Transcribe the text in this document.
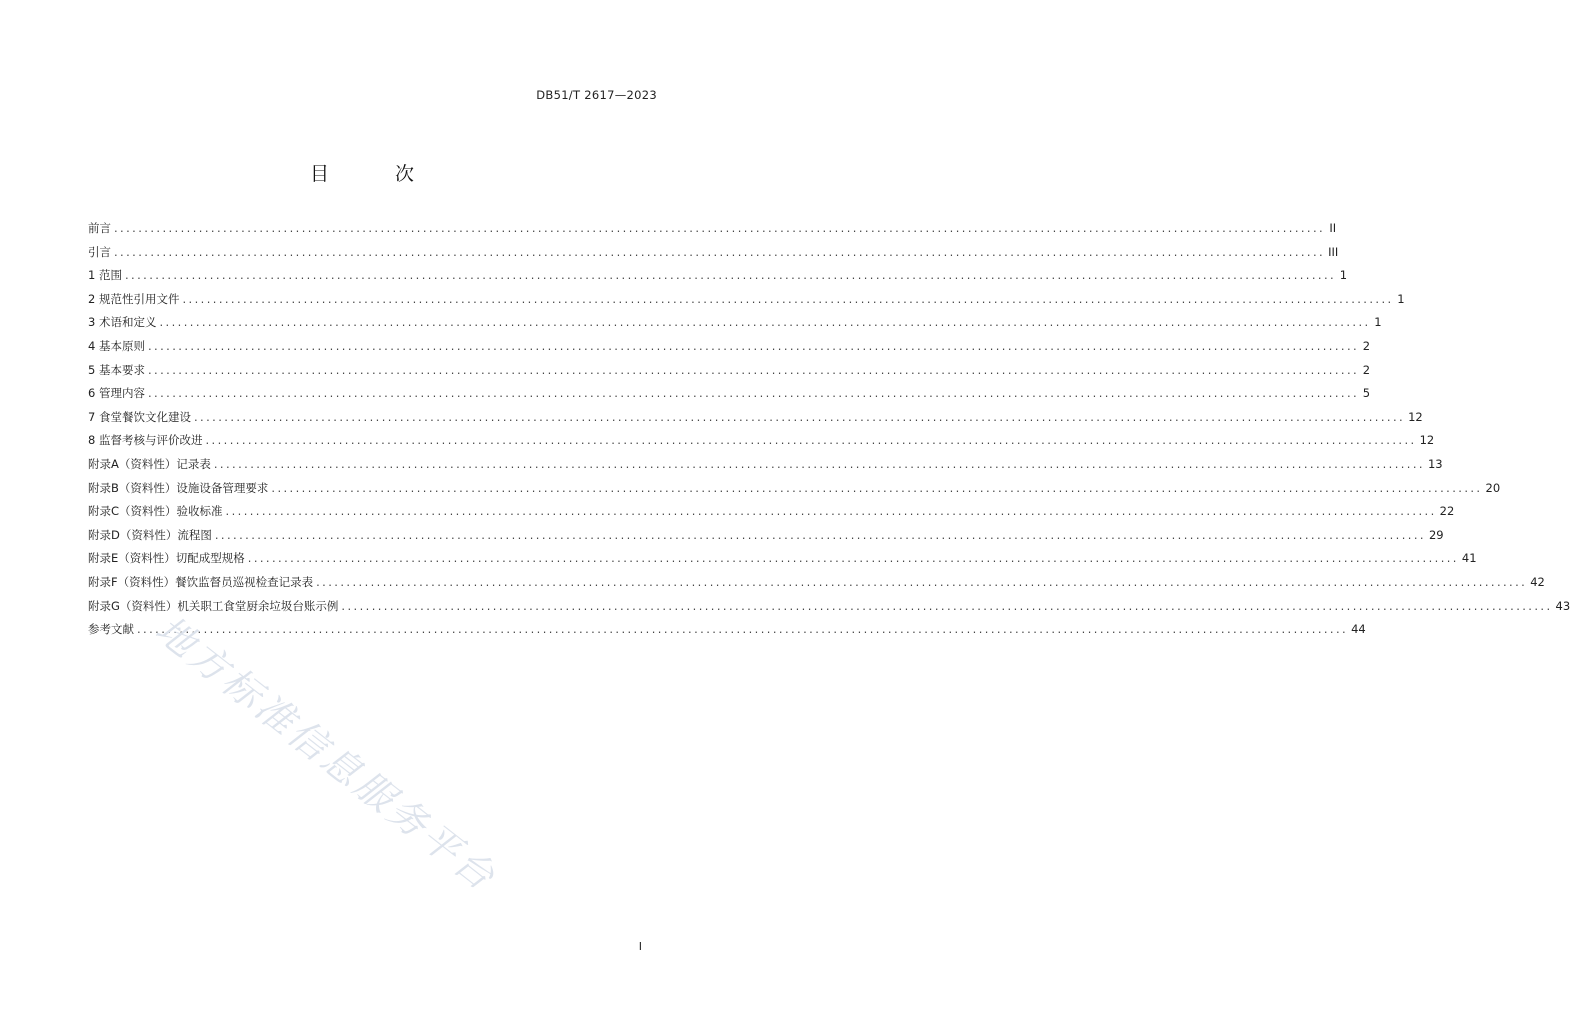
DB51/T 2617—2023
目 次
前言 ........................................................................................................................................................................................................ II
引言 ........................................................................................................................................................................................................ III
1 范围 ........................................................................................................................................................................................................ 1
2 规范性引用文件 ........................................................................................................................................................................................................ 1
3 术语和定义 ........................................................................................................................................................................................................ 1
4 基本原则 ........................................................................................................................................................................................................ 2
5 基本要求 ........................................................................................................................................................................................................ 2
6 管理内容 ........................................................................................................................................................................................................ 5
7 食堂餐饮文化建设 ........................................................................................................................................................................................................ 12
8 监督考核与评价改进 ........................................................................................................................................................................................................ 12
附录A（资料性）记录表 ........................................................................................................................................................................................................ 13
附录B（资料性）设施设备管理要求 ........................................................................................................................................................................................................ 20
附录C（资料性）验收标准 ........................................................................................................................................................................................................ 22
附录D（资料性）流程图 ........................................................................................................................................................................................................ 29
附录E（资料性）切配成型规格 ........................................................................................................................................................................................................ 41
附录F（资料性）餐饮监督员巡视检查记录表 ........................................................................................................................................................................................................ 42
附录G（资料性）机关职工食堂厨余垃圾台账示例 ........................................................................................................................................................................................................ 43
参考文献 ........................................................................................................................................................................................................ 44
地方标准信息服务平台
I
